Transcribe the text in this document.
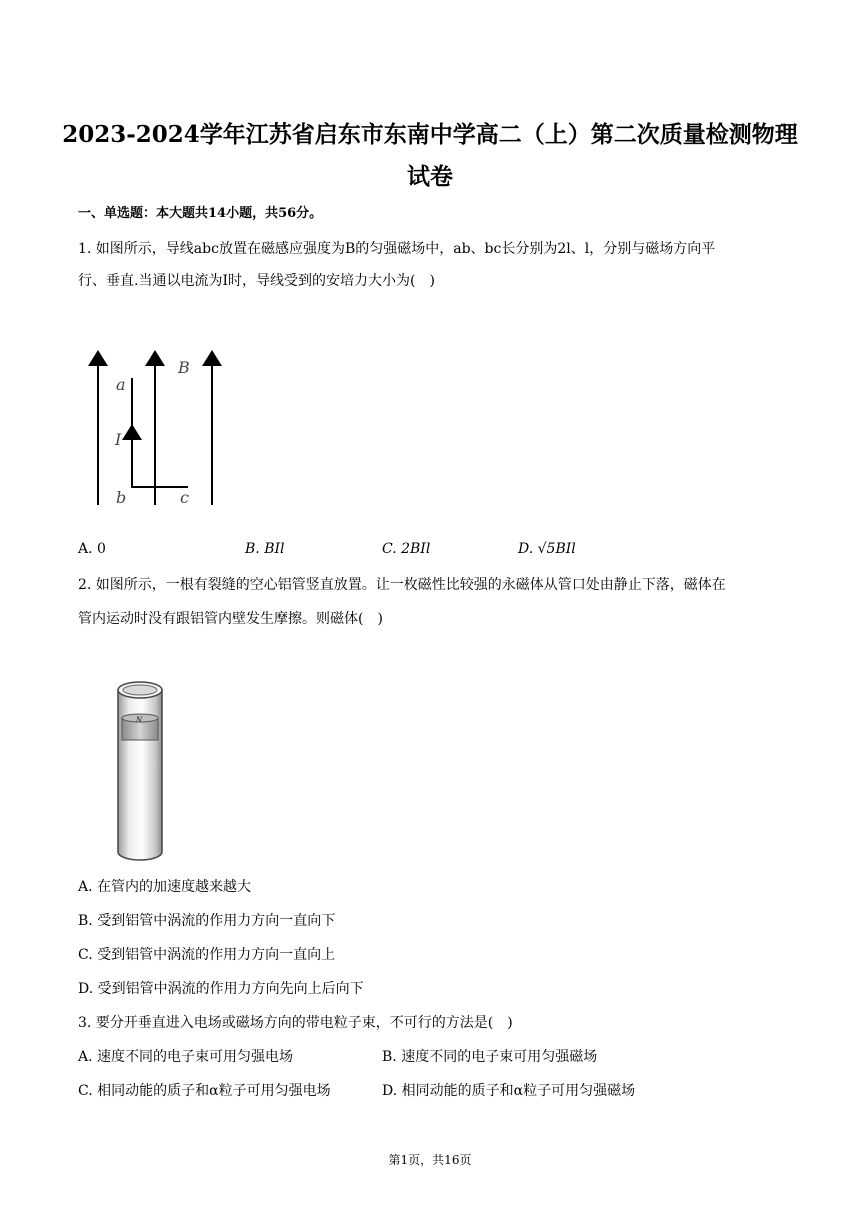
2023-2024学年江苏省启东市东南中学高二（上）第二次质量检测物理
试卷
一、单选题：本大题共14小题，共56分。
1. 如图所示，导线abc放置在磁感应强度为B的匀强磁场中，ab、bc长分别为2l、l，分别与磁场方向平
行、垂直.当通以电流为I时，导线受到的安培力大小为(　)
a
B
I
b	c
A. 0	B. BIl	C. 2BIl	D. √5BIl
2. 如图所示，一根有裂缝的空心铝管竖直放置。让一枚磁性比较强的永磁体从管口处由静止下落，磁体在
管内运动时没有跟铝管内壁发生摩擦。则磁体(　)
N
A. 在管内的加速度越来越大
B. 受到铝管中涡流的作用力方向一直向下
C. 受到铝管中涡流的作用力方向一直向上
D. 受到铝管中涡流的作用力方向先向上后向下
3. 要分开垂直进入电场或磁场方向的带电粒子束，不可行的方法是(　)
A. 速度不同的电子束可用匀强电场	B. 速度不同的电子束可用匀强磁场
C. 相同动能的质子和α粒子可用匀强电场	D. 相同动能的质子和α粒子可用匀强磁场
第1页，共16页
